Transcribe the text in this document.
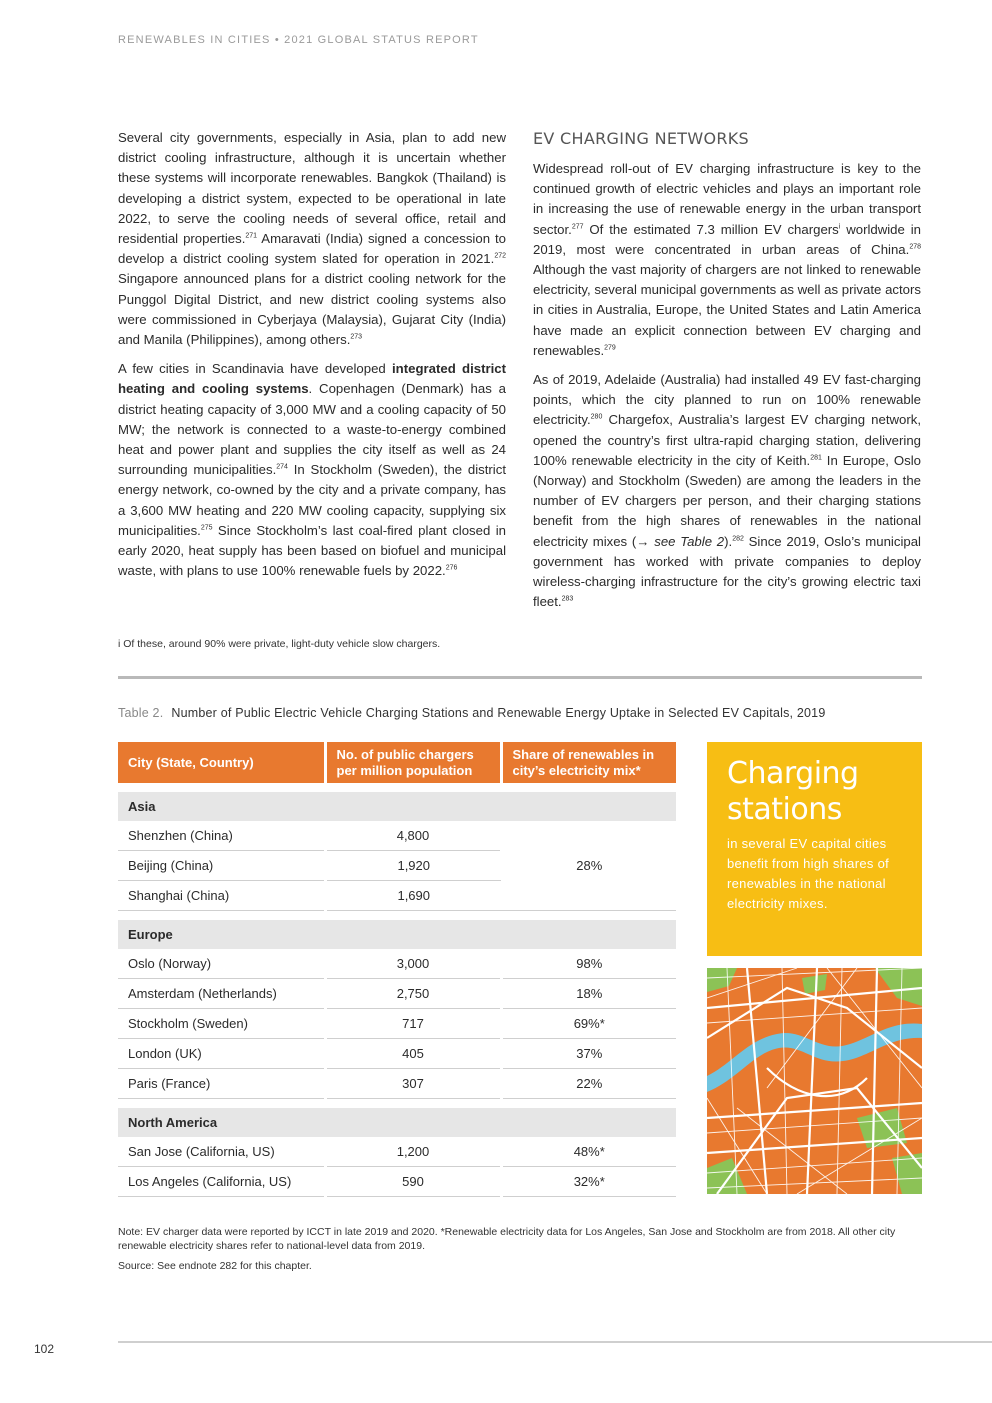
RENEWABLES IN CITIES • 2021 GLOBAL STATUS REPORT

Several city governments, especially in Asia, plan to add new district cooling infrastructure, although it is uncertain whether these systems will incorporate renewables. Bangkok (Thailand) is developing a district system, expected to be operational in late 2022, to serve the cooling needs of several office, retail and residential properties.$^{271}$ Amaravati (India) signed a concession to develop a district cooling system slated for operation in 2021.$^{272}$ Singapore announced plans for a district cooling network for the Punggol Digital District, and new district cooling systems also were commissioned in Cyberjaya (Malaysia), Gujarat City (India) and Manila (Philippines), among others.$^{273}$

A few cities in Scandinavia have developed integrated district heating and cooling systems. Copenhagen (Denmark) has a district heating capacity of 3,000 MW and a cooling capacity of 50 MW; the network is connected to a waste-to-energy combined heat and power plant and supplies the city itself as well as 24 surrounding municipalities.$^{274}$ In Stockholm (Sweden), the district energy network, co-owned by the city and a private company, has a 3,600 MW heating and 220 MW cooling capacity, supplying six municipalities.$^{275}$ Since Stockholm’s last coal-fired plant closed in early 2020, heat supply has been based on biofuel and municipal waste, with plans to use 100% renewable fuels by 2022.$^{276}$

EV CHARGING NETWORKS

Widespread roll-out of EV charging infrastructure is key to the continued growth of electric vehicles and plays an important role in increasing the use of renewable energy in the urban transport sector.$^{277}$ Of the estimated 7.3 million EV chargers$^i$ worldwide in 2019, most were concentrated in urban areas of China.$^{278}$ Although the vast majority of chargers are not linked to renewable electricity, several municipal governments as well as private actors in cities in Australia, Europe, the United States and Latin America have made an explicit connection between EV charging and renewables.$^{279}$

As of 2019, Adelaide (Australia) had installed 49 EV fast-charging points, which the city planned to run on 100% renewable electricity.$^{280}$ Chargefox, Australia’s largest EV charging network, opened the country’s first ultra-rapid charging station, delivering 100% renewable electricity in the city of Keith.$^{281}$ In Europe, Oslo (Norway) and Stockholm (Sweden) are among the leaders in the number of EV chargers per person, and their charging stations benefit from the high shares of renewables in the national electricity mixes (→ see Table 2).$^{282}$ Since 2019, Oslo’s municipal government has worked with private companies to deploy wireless-charging infrastructure for the city’s growing electric taxi fleet.$^{283}$

i Of these, around 90% were private, light-duty vehicle slow chargers.
Table 2. Number of Public Electric Vehicle Charging Stations and Renewable Energy Uptake in Selected EV Capitals, 2019
City (State, Country)	No. of public chargers per million population	Share of renewables in city’s electricity mix*

Asia		
Shenzhen (China)	4,800	28%
Beijing (China)	1,920	
Shanghai (China)	1,690	

Europe		
Oslo (Norway)	3,000	98%
Amsterdam (Netherlands)	2,750	18%
Stockholm (Sweden)	717	69%*
London (UK)	405	37%
Paris (France)	307	22%

North America		
San Jose (California, US)	1,200	48%*
Los Angeles (California, US)	590	32%*
Charging
stations
in several EV capital cities benefit from high shares of renewables in the national electricity mixes.

Note: EV charger data were reported by ICCT in late 2019 and 2020. *Renewable electricity data for Los Angeles, San Jose and Stockholm are from 2018. All other city renewable electricity shares refer to national-level data from 2019.

Source: See endnote 282 for this chapter.

102
